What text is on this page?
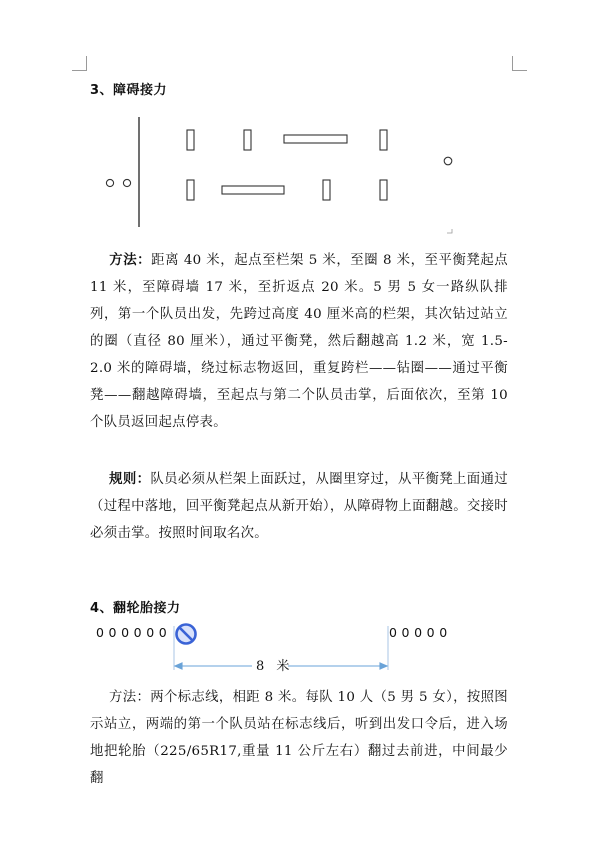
3、障碍接力
方法：距离 40 米，起点至栏架 5 米，至圈 8 米，至平衡凳起点 11 米，至障碍墙 17 米，至折返点 20 米。5 男 5 女一路纵队排列，第一个队员出发，先跨过高度 40 厘米高的栏架，其次钻过站立的圈（直径 80 厘米），通过平衡凳，然后翻越高 1.2 米，宽 1.5-2.0 米的障碍墙，绕过标志物返回，重复跨栏——钻圈——通过平衡凳——翻越障碍墙，至起点与第二个队员击掌，后面依次，至第 10 个队员返回起点停表。
规则：队员必须从栏架上面跃过，从圈里穿过，从平衡凳上面通过（过程中落地，回平衡凳起点从新开始），从障碍物上面翻越。交接时必须击掌。按照时间取名次。
4、翻轮胎接力
000000	00000
8 米
方法：两个标志线，相距 8 米。每队 10 人（5 男 5 女），按照图示站立，两端的第一个队员站在标志线后，听到出发口令后，进入场地把轮胎（225/65R17,重量 11 公斤左右）翻过去前进，中间最少翻
